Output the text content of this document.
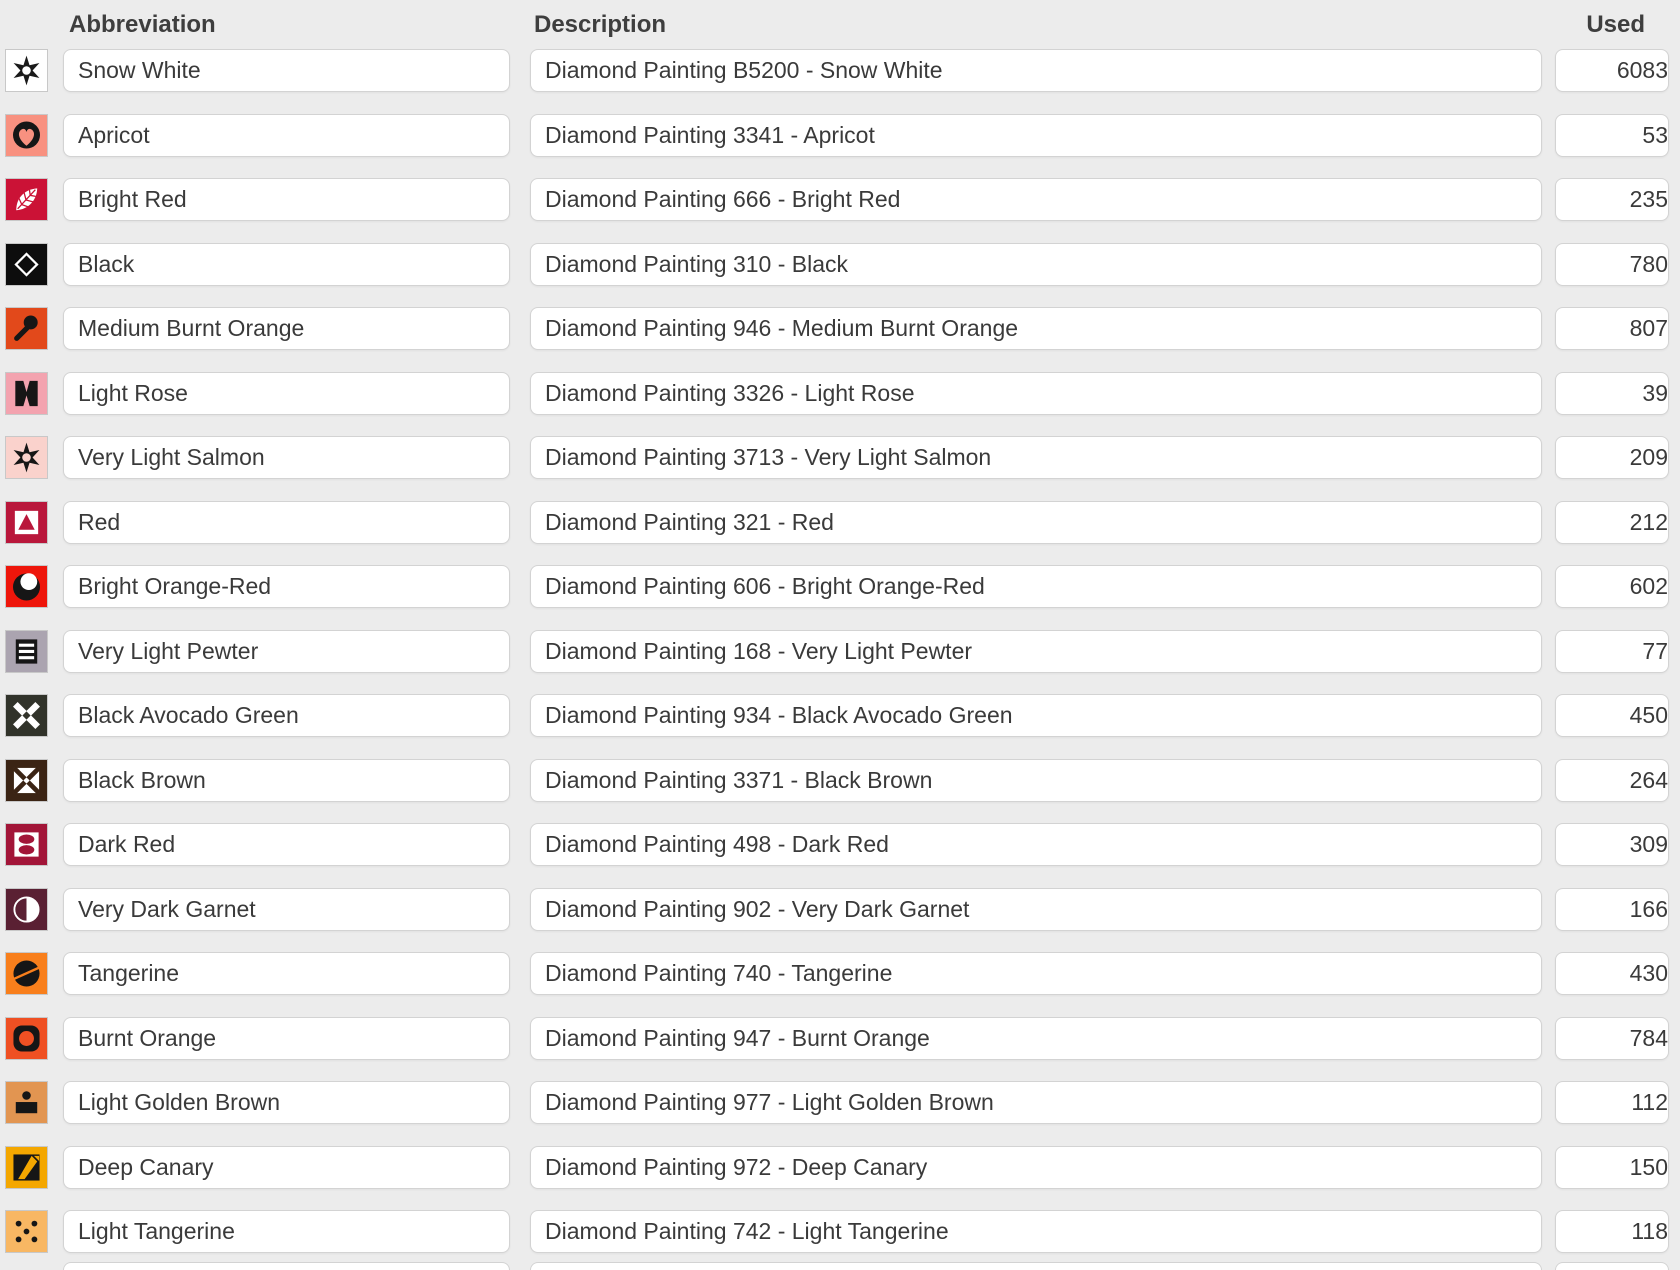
Abbreviation	Description	Used
Snow White
Diamond Painting B5200 - Snow White
6083
Apricot
Diamond Painting 3341 - Apricot
53
Bright Red
Diamond Painting 666 - Bright Red
235
Black
Diamond Painting 310 - Black
780
Medium Burnt Orange
Diamond Painting 946 - Medium Burnt Orange
807
Light Rose
Diamond Painting 3326 - Light Rose
39
Very Light Salmon
Diamond Painting 3713 - Very Light Salmon
209
Red
Diamond Painting 321 - Red
212
Bright Orange-Red
Diamond Painting 606 - Bright Orange-Red
602
Very Light Pewter
Diamond Painting 168 - Very Light Pewter
77
Black Avocado Green
Diamond Painting 934 - Black Avocado Green
450
Black Brown
Diamond Painting 3371 - Black Brown
264
Dark Red
Diamond Painting 498 - Dark Red
309
Very Dark Garnet
Diamond Painting 902 - Very Dark Garnet
166
Tangerine
Diamond Painting 740 - Tangerine
430
Burnt Orange
Diamond Painting 947 - Burnt Orange
784
Light Golden Brown
Diamond Painting 977 - Light Golden Brown
112
Deep Canary
Diamond Painting 972 - Deep Canary
150
Light Tangerine
Diamond Painting 742 - Light Tangerine
118
